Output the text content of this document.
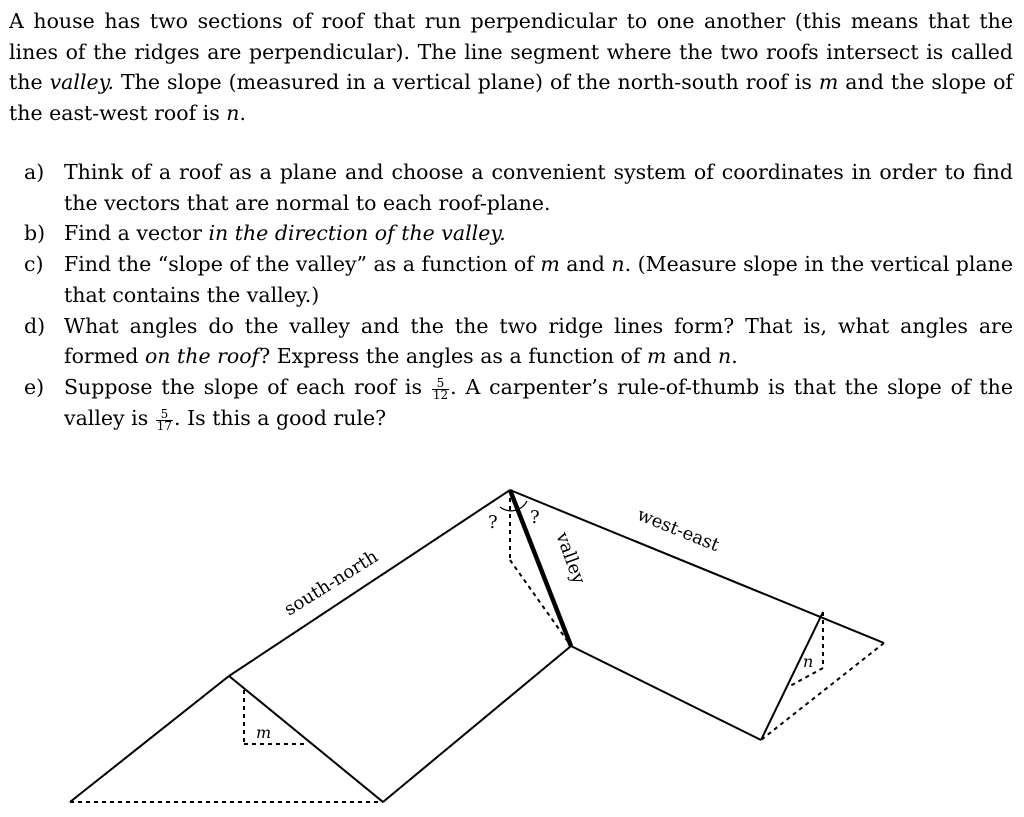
A house has two sections of roof that run perpendicular to one another (this means that the lines of the ridges are perpendicular). The line segment where the two roofs intersect is called the valley. The slope (measured in a vertical plane) of the north-south roof is m and the slope of the east-west roof is n.

a) Think of a roof as a plane and choose a convenient system of coordinates in order to find the vectors that are normal to each roof-plane.
b) Find a vector in the direction of the valley.
c) Find the “slope of the valley” as a function of m and n. (Measure slope in the vertical plane that contains the valley.)
d) What angles do the valley and the the two ridge lines form? That is, what angles are formed on the roof? Express the angles as a function of m and n.
e) Suppose the slope of each roof is $\frac{5}{12}$ . A carpenter’s rule-of-thumb is that the slope of the valley is $\frac{5}{17}$ . Is this a good rule?
south-north
west-east
valley
? ?
m
n
